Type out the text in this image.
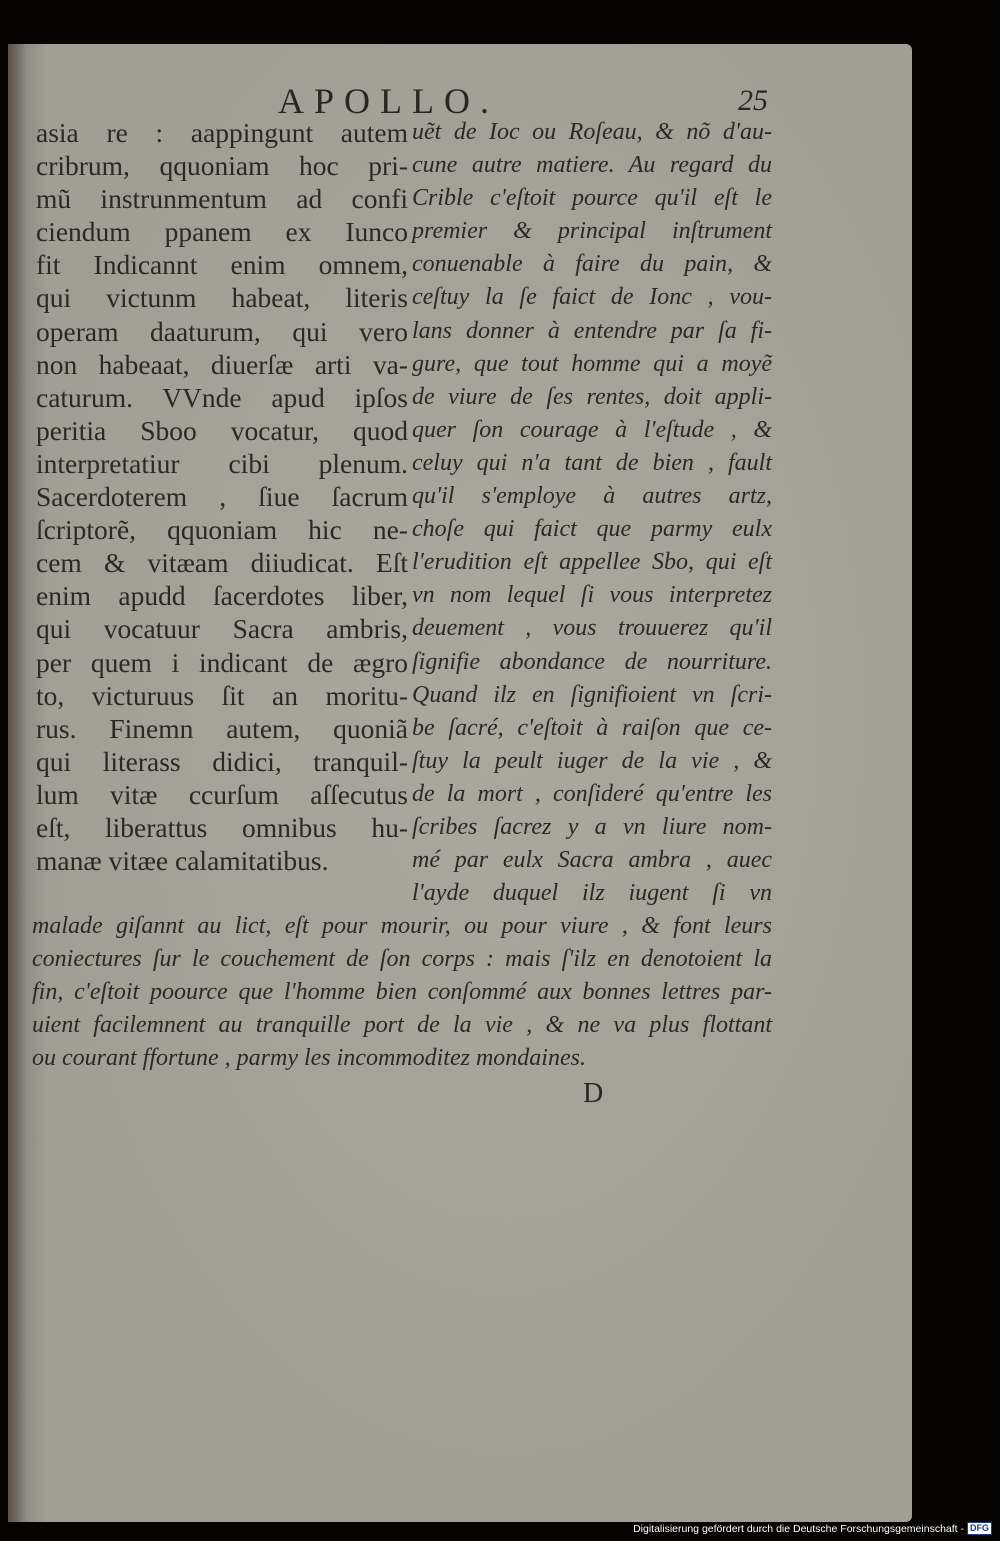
APOLLO.	25
asia re : aappingunt autem
cribrum, qquoniam hoc pri-
mũ instrunmentum ad confi
ciendum ppanem ex Iunco
fit Indicannt enim omnem,
qui victunm habeat, literis
operam daaturum, qui vero
non habeaat, diuerſæ arti va-
caturum. VVnde apud ipſos
peritia Sboo vocatur, quod
interpretatiur cibi plenum.
Sacerdoterem , ſiue ſacrum
ſcriptorẽ, qquoniam hic ne-
cem & vitæam diiudicat. Eſt
enim apudd ſacerdotes liber,
qui vocatuur Sacra ambris,
per quem i indicant de ægro
to, victuruus ſit an moritu-
rus. Finemn autem, quoniã
qui literass didici, tranquil-
lum vitæ ccurſum aſſecutus
eſt, liberattus omnibus hu-
manæ vitæe calamitatibus.
uẽt de Ioc ou Roſeau, & nõ d'au-
cune autre matiere. Au regard du
Crible c'eſtoit pource qu'il eſt le
premier & principal inſtrument
conuenable à faire du pain, &
ceſtuy la ſe faict de Ionc , vou-
lans donner à entendre par ſa fi-
gure, que tout homme qui a moyẽ
de viure de ſes rentes, doit appli-
quer ſon courage à l'eſtude , &
celuy qui n'a tant de bien , fault
qu'il s'employe à autres artz,
choſe qui faict que parmy eulx
l'erudition eſt appellee Sbo, qui eſt
vn nom lequel ſi vous interpretez
deuement , vous trouuerez qu'il
ſignifie abondance de nourriture.
Quand ilz en ſignifioient vn ſcri-
be ſacré, c'eſtoit à raiſon que ce-
ſtuy la peult iuger de la vie , &
de la mort , conſideré qu'entre les
ſcribes ſacrez y a vn liure nom-
mé par eulx Sacra ambra , auec
l'ayde duquel ilz iugent ſi vn
malade giſannt au lict, eſt pour mourir, ou pour viure , & font leurs
coniectures ſur le couchement de ſon corps : mais ſ'ilz en denotoient la
fin, c'eſtoit poource que l'homme bien conſommé aux bonnes lettres par-
uient facilemnent au tranquille port de la vie , & ne va plus flottant
ou courant ffortune , parmy les incommoditez mondaines.
D
Digitalisierung gefördert durch die Deutsche Forschungsgemeinschaft - DFG
